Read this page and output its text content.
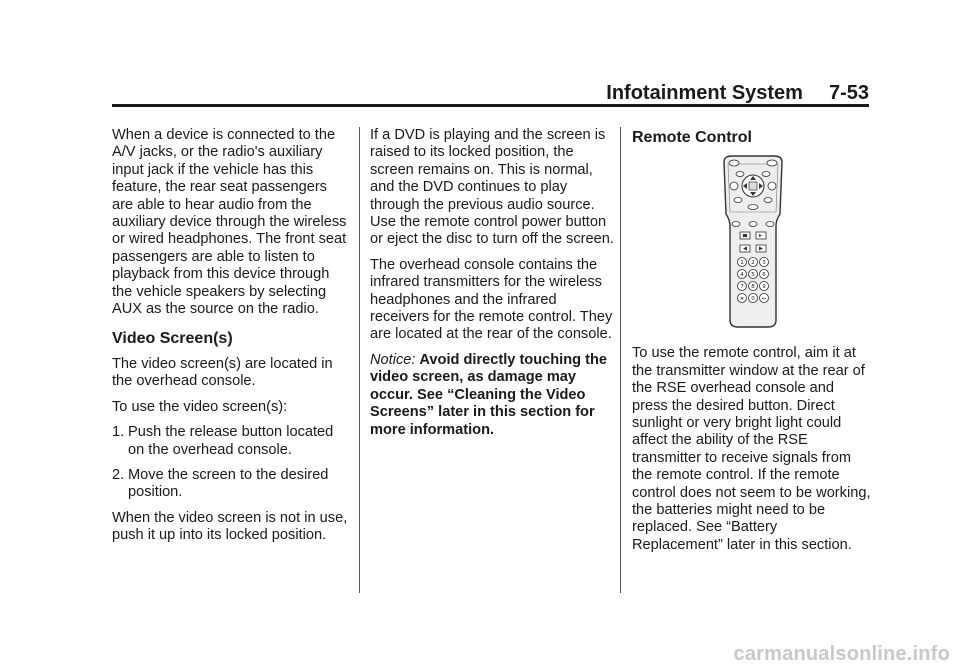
Infotainment System 7-53

When a device is connected to the A/V jacks, or the radio's auxiliary input jack if the vehicle has this feature, the rear seat passengers are able to hear audio from the auxiliary device through the wireless or wired headphones. The front seat passengers are able to listen to playback from this device through the vehicle speakers by selecting AUX as the source on the radio.

Video Screen(s)

The video screen(s) are located in the overhead console.

To use the video screen(s):

1. Push the release button located on the overhead console.
2. Move the screen to the desired position.

When the video screen is not in use, push it up into its locked position.

If a DVD is playing and the screen is raised to its locked position, the screen remains on. This is normal, and the DVD continues to play through the previous audio source. Use the remote control power button or eject the disc to turn off the screen.

The overhead console contains the infrared transmitters for the wireless headphones and the infrared receivers for the remote control. They are located at the rear of the console.

Notice: Avoid directly touching the video screen, as damage may occur. See “Cleaning the Video Screens” later in this section for more information.

Remote Control
1 2 3
4 5 6
7 8 9
∗ 0 ←

To use the remote control, aim it at the transmitter window at the rear of the RSE overhead console and press the desired button. Direct sunlight or very bright light could affect the ability of the RSE transmitter to receive signals from the remote control. If the remote control does not seem to be working, the batteries might need to be replaced. See “Battery Replacement” later in this section.

carmanualsonline.info
